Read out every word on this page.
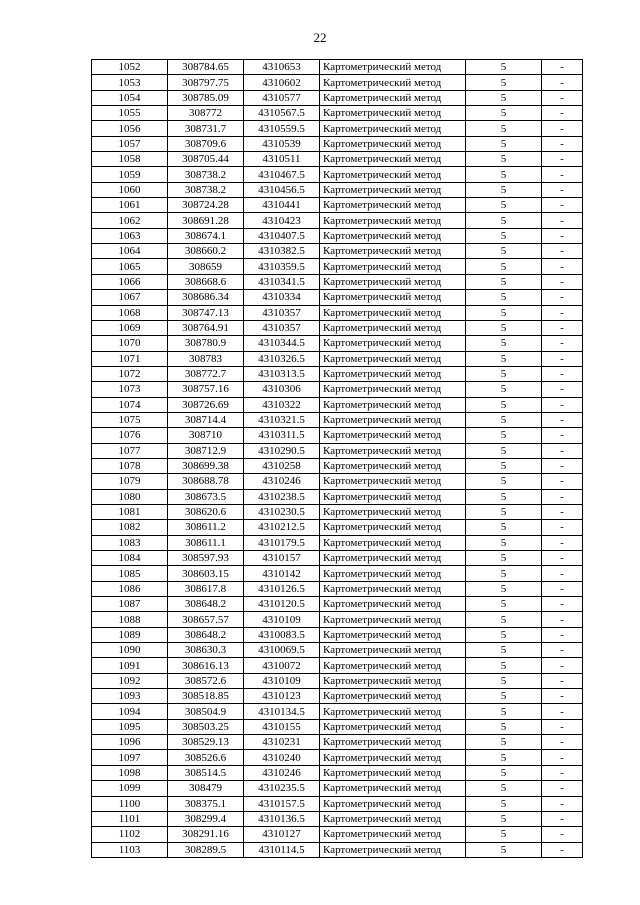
22
1052	308784.65	4310653	Картометрический метод	5	-
1053	308797.75	4310602	Картометрический метод	5	-
1054	308785.09	4310577	Картометрический метод	5	-
1055	308772	4310567.5	Картометрический метод	5	-
1056	308731.7	4310559.5	Картометрический метод	5	-
1057	308709.6	4310539	Картометрический метод	5	-
1058	308705.44	4310511	Картометрический метод	5	-
1059	308738.2	4310467.5	Картометрический метод	5	-
1060	308738.2	4310456.5	Картометрический метод	5	-
1061	308724.28	4310441	Картометрический метод	5	-
1062	308691.28	4310423	Картометрический метод	5	-
1063	308674.1	4310407.5	Картометрический метод	5	-
1064	308660.2	4310382.5	Картометрический метод	5	-
1065	308659	4310359.5	Картометрический метод	5	-
1066	308668.6	4310341.5	Картометрический метод	5	-
1067	308686.34	4310334	Картометрический метод	5	-
1068	308747.13	4310357	Картометрический метод	5	-
1069	308764.91	4310357	Картометрический метод	5	-
1070	308780.9	4310344.5	Картометрический метод	5	-
1071	308783	4310326.5	Картометрический метод	5	-
1072	308772.7	4310313.5	Картометрический метод	5	-
1073	308757.16	4310306	Картометрический метод	5	-
1074	308726.69	4310322	Картометрический метод	5	-
1075	308714.4	4310321.5	Картометрический метод	5	-
1076	308710	4310311.5	Картометрический метод	5	-
1077	308712.9	4310290.5	Картометрический метод	5	-
1078	308699.38	4310258	Картометрический метод	5	-
1079	308688.78	4310246	Картометрический метод	5	-
1080	308673.5	4310238.5	Картометрический метод	5	-
1081	308620.6	4310230.5	Картометрический метод	5	-
1082	308611.2	4310212.5	Картометрический метод	5	-
1083	308611.1	4310179.5	Картометрический метод	5	-
1084	308597.93	4310157	Картометрический метод	5	-
1085	308603.15	4310142	Картометрический метод	5	-
1086	308617.8	4310126.5	Картометрический метод	5	-
1087	308648.2	4310120.5	Картометрический метод	5	-
1088	308657.57	4310109	Картометрический метод	5	-
1089	308648.2	4310083.5	Картометрический метод	5	-
1090	308630.3	4310069.5	Картометрический метод	5	-
1091	308616.13	4310072	Картометрический метод	5	-
1092	308572.6	4310109	Картометрический метод	5	-
1093	308518.85	4310123	Картометрический метод	5	-
1094	308504.9	4310134.5	Картометрический метод	5	-
1095	308503.25	4310155	Картометрический метод	5	-
1096	308529.13	4310231	Картометрический метод	5	-
1097	308526.6	4310240	Картометрический метод	5	-
1098	308514.5	4310246	Картометрический метод	5	-
1099	308479	4310235.5	Картометрический метод	5	-
1100	308375.1	4310157.5	Картометрический метод	5	-
1101	308299.4	4310136.5	Картометрический метод	5	-
1102	308291.16	4310127	Картометрический метод	5	-
1103	308289.5	4310114.5	Картометрический метод	5	-
